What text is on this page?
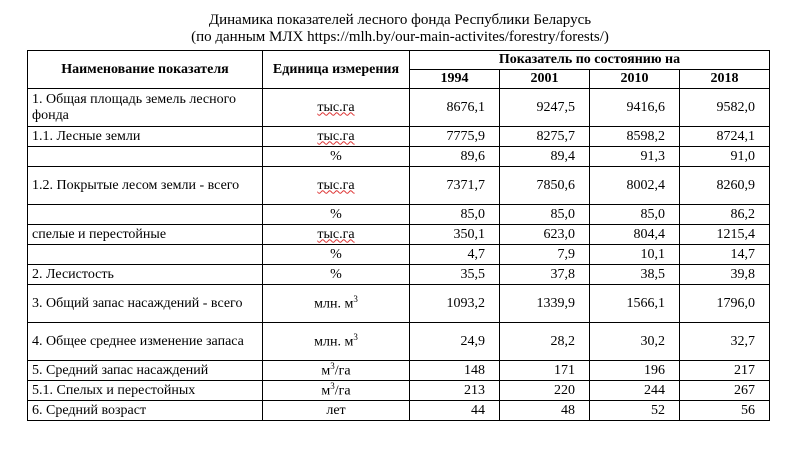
Динамика показателей лесного фонда Республики Беларусь
(по данным МЛХ https://mlh.by/our-main-activites/forestry/forests/)
Наименование показателя	Единица измерения	Показатель по состоянию на			
		1994	2001	2010	2018
1. Общая площадь земель лесного фонда	тыс.га	8676,1	9247,5	9416,6	9582,0
1.1. Лесные земли	тыс.га	7775,9	8275,7	8598,2	8724,1
	%	89,6	89,4	91,3	91,0
1.2. Покрытые лесом земли - всего	тыс.га	7371,7	7850,6	8002,4	8260,9
	%	85,0	85,0	85,0	86,2
спелые и перестойные	тыс.га	350,1	623,0	804,4	1215,4
	%	4,7	7,9	10,1	14,7
2. Лесистость	%	35,5	37,8	38,5	39,8
3. Общий запас насаждений - всего	млн. $м^3$	1093,2	1339,9	1566,1	1796,0
4. Общее среднее изменение запаса	млн. $м^3$	24,9	28,2	30,2	32,7
5. Средний запас насаждений	$м^3/га$	148	171	196	217
5.1. Спелых и перестойных	$м^3/га$	213	220	244	267
6. Средний возраст	лет	44	48	52	56
